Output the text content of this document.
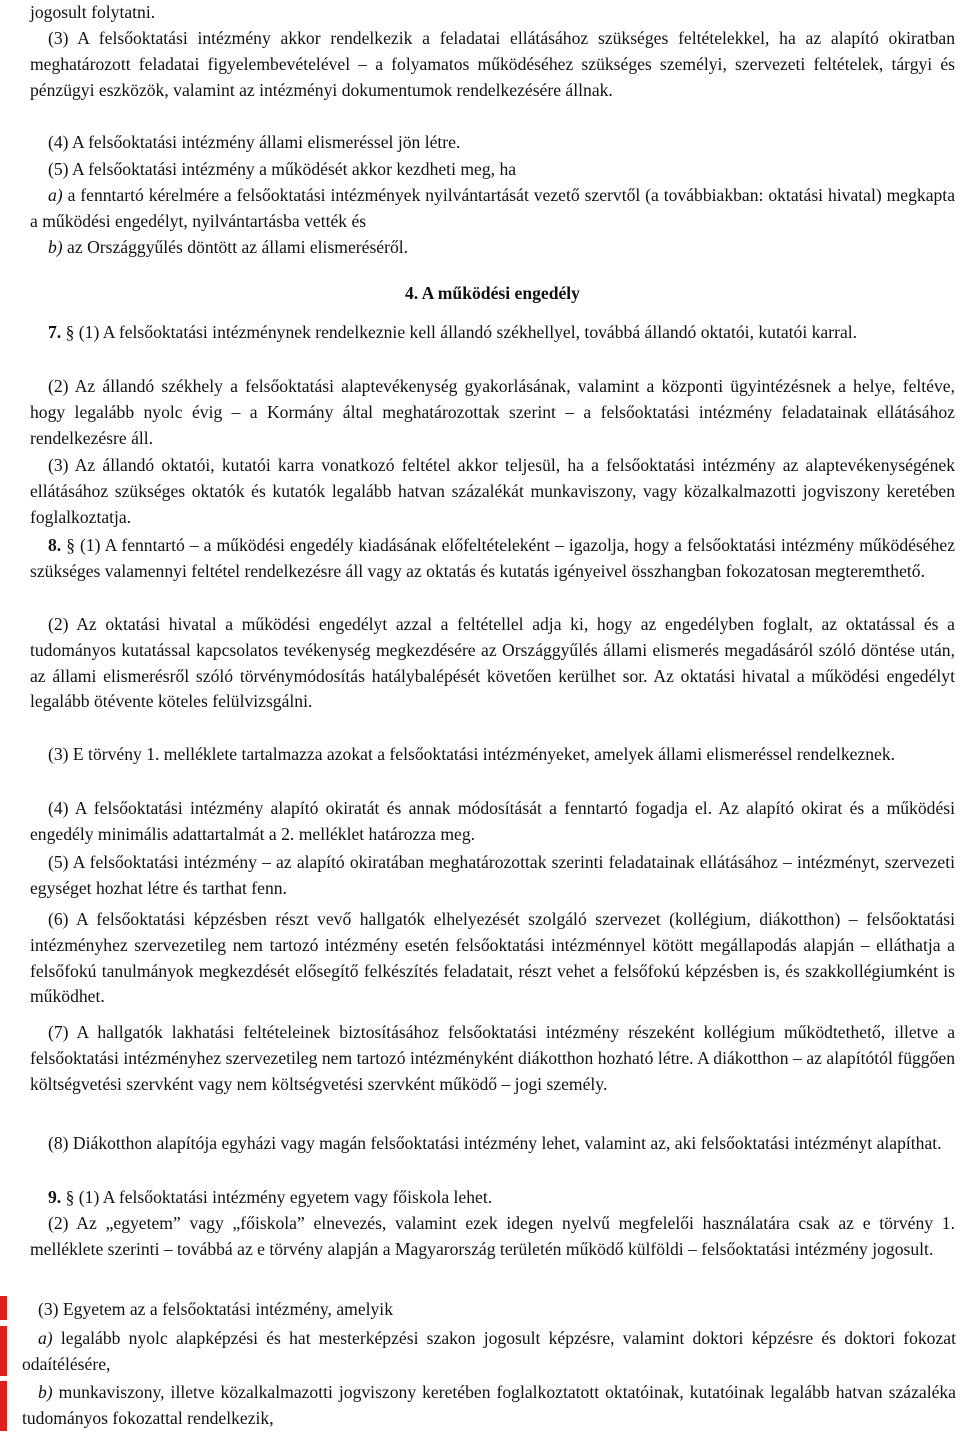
jogosult folytatni.

(3) A felsőoktatási intézmény akkor rendelkezik a feladatai ellátásához szükséges feltételekkel, ha az alapító okiratban meghatározott feladatai figyelembevételével – a folyamatos működéséhez szükséges személyi, szervezeti feltételek, tárgyi és pénzügyi eszközök, valamint az intézményi dokumentumok rendelkezésére állnak.

(4) A felsőoktatási intézmény állami elismeréssel jön létre.

(5) A felsőoktatási intézmény a működését akkor kezdheti meg, ha

a) a fenntartó kérelmére a felsőoktatási intézmények nyilvántartását vezető szervtől (a továbbiakban: oktatási hivatal) megkapta a működési engedélyt, nyilvántartásba vették és

b) az Országgyűlés döntött az állami elismeréséről.

4. A működési engedély

7. § (1) A felsőoktatási intézménynek rendelkeznie kell állandó székhellyel, továbbá állandó oktatói, kutatói karral.

(2) Az állandó székhely a felsőoktatási alaptevékenység gyakorlásának, valamint a központi ügyintézésnek a helye, feltéve, hogy legalább nyolc évig – a Kormány által meghatározottak szerint – a felsőoktatási intézmény feladatainak ellátásához rendelkezésre áll.

(3) Az állandó oktatói, kutatói karra vonatkozó feltétel akkor teljesül, ha a felsőoktatási intézmény az alaptevékenységének ellátásához szükséges oktatók és kutatók legalább hatvan százalékát munkaviszony, vagy közalkalmazotti jogviszony keretében foglalkoztatja.

8. § (1) A fenntartó – a működési engedély kiadásának előfeltételeként – igazolja, hogy a felsőoktatási intézmény működéséhez szükséges valamennyi feltétel rendelkezésre áll vagy az oktatás és kutatás igényeivel összhangban fokozatosan megteremthető.

(2) Az oktatási hivatal a működési engedélyt azzal a feltétellel adja ki, hogy az engedélyben foglalt, az oktatással és a tudományos kutatással kapcsolatos tevékenység megkezdésére az Országgyűlés állami elismerés megadásáról szóló döntése után, az állami elismerésről szóló törvénymódosítás hatálybalépését követően kerülhet sor. Az oktatási hivatal a működési engedélyt legalább ötévente köteles felülvizsgálni.

(3) E törvény 1. melléklete tartalmazza azokat a felsőoktatási intézményeket, amelyek állami elismeréssel rendelkeznek.

(4) A felsőoktatási intézmény alapító okiratát és annak módosítását a fenntartó fogadja el. Az alapító okirat és a működési engedély minimális adattartalmát a 2. melléklet határozza meg.

(5) A felsőoktatási intézmény – az alapító okiratában meghatározottak szerinti feladatainak ellátásához – intézményt, szervezeti egységet hozhat létre és tarthat fenn.

(6) A felsőoktatási képzésben részt vevő hallgatók elhelyezését szolgáló szervezet (kollégium, diákotthon) – felsőoktatási intézményhez szervezetileg nem tartozó intézmény esetén felsőoktatási intézménnyel kötött megállapodás alapján – elláthatja a felsőfokú tanulmányok megkezdését elősegítő felkészítés feladatait, részt vehet a felsőfokú képzésben is, és szakkollégiumként is működhet.

(7) A hallgatók lakhatási feltételeinek biztosításához felsőoktatási intézmény részeként kollégium működtethető, illetve a felsőoktatási intézményhez szervezetileg nem tartozó intézményként diákotthon hozható létre. A diákotthon – az alapítótól függően költségvetési szervként vagy nem költségvetési szervként működő – jogi személy.

(8) Diákotthon alapítója egyházi vagy magán felsőoktatási intézmény lehet, valamint az, aki felsőoktatási intézményt alapíthat.

9. § (1) A felsőoktatási intézmény egyetem vagy főiskola lehet.

(2) Az „egyetem” vagy „főiskola” elnevezés, valamint ezek idegen nyelvű megfelelői használatára csak az e törvény 1. melléklete szerinti – továbbá az e törvény alapján a Magyarország területén működő külföldi – felsőoktatási intézmény jogosult.

(3) Egyetem az a felsőoktatási intézmény, amelyik

a) legalább nyolc alapképzési és hat mesterképzési szakon jogosult képzésre, valamint doktori képzésre és doktori fokozat odaítélésére,

b) munkaviszony, illetve közalkalmazotti jogviszony keretében foglalkoztatott oktatóinak, kutatóinak legalább hatvan százaléka tudományos fokozattal rendelkezik,
